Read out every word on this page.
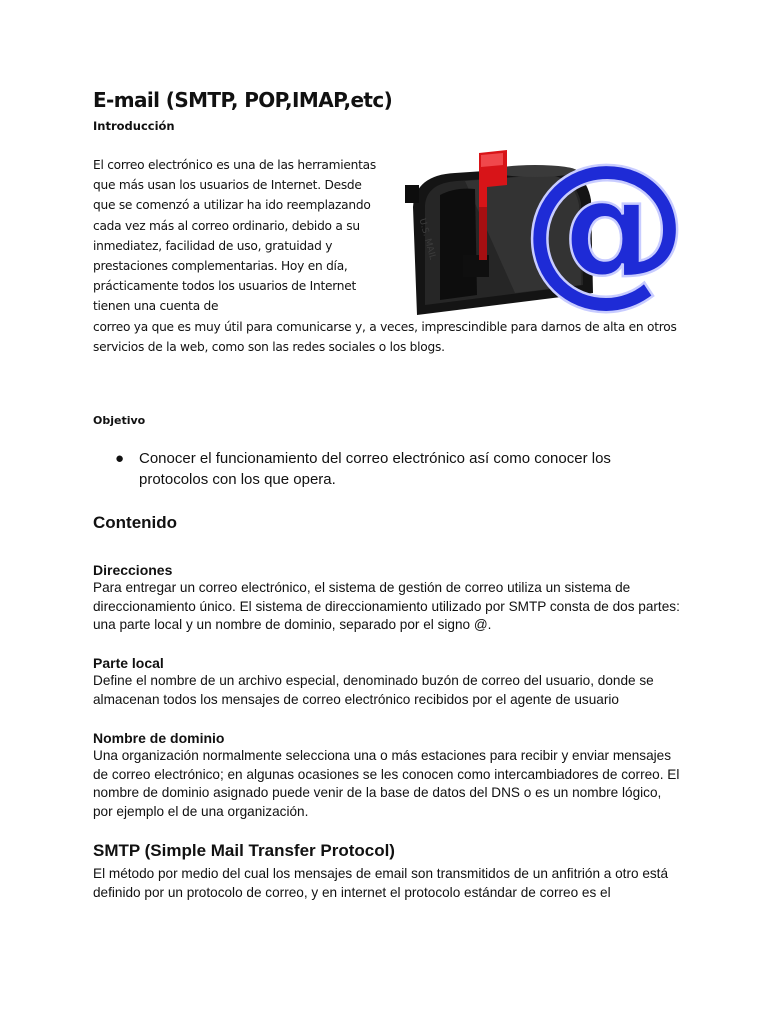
E-mail (SMTP, POP,IMAP,etc)
Introducción
El correo electrónico es una de las herramientas que más usan los usuarios de Internet. Desde que se comenzó a utilizar ha ido reemplazando cada vez más al correo ordinario, debido a su inmediatez, facilidad de uso, gratuidad y prestaciones complementarias. Hoy en día, prácticamente todos los usuarios de Internet tienen una cuenta de
correo ya que es muy útil para comunicarse y, a veces, imprescindible para darnos de alta en otros servicios de la web, como son las redes sociales o los blogs.
U.S. MAIL @
Objetivo
● Conocer el funcionamiento del correo electrónico así como conocer los protocolos con los que opera.
Contenido
Direcciones

Para entregar un correo electrónico, el sistema de gestión de correo utiliza un sistema de direccionamiento único. El sistema de direccionamiento utilizado por SMTP consta de dos partes: una parte local y un nombre de dominio, separado por el signo @.

Parte local

Define el nombre de un archivo especial, denominado buzón de correo del usuario, donde se almacenan todos los mensajes de correo electrónico recibidos por el agente de usuario

Nombre de dominio

Una organización normalmente selecciona una o más estaciones para recibir y enviar mensajes de correo electrónico; en algunas ocasiones se les conocen como intercambiadores de correo. El nombre de dominio asignado puede venir de la base de datos del DNS o es un nombre lógico, por ejemplo el de una organización.

SMTP (Simple Mail Transfer Protocol)

El método por medio del cual los mensajes de email son transmitidos de un anfitrión a otro está definido por un protocolo de correo, y en internet el protocolo estándar de correo es el
